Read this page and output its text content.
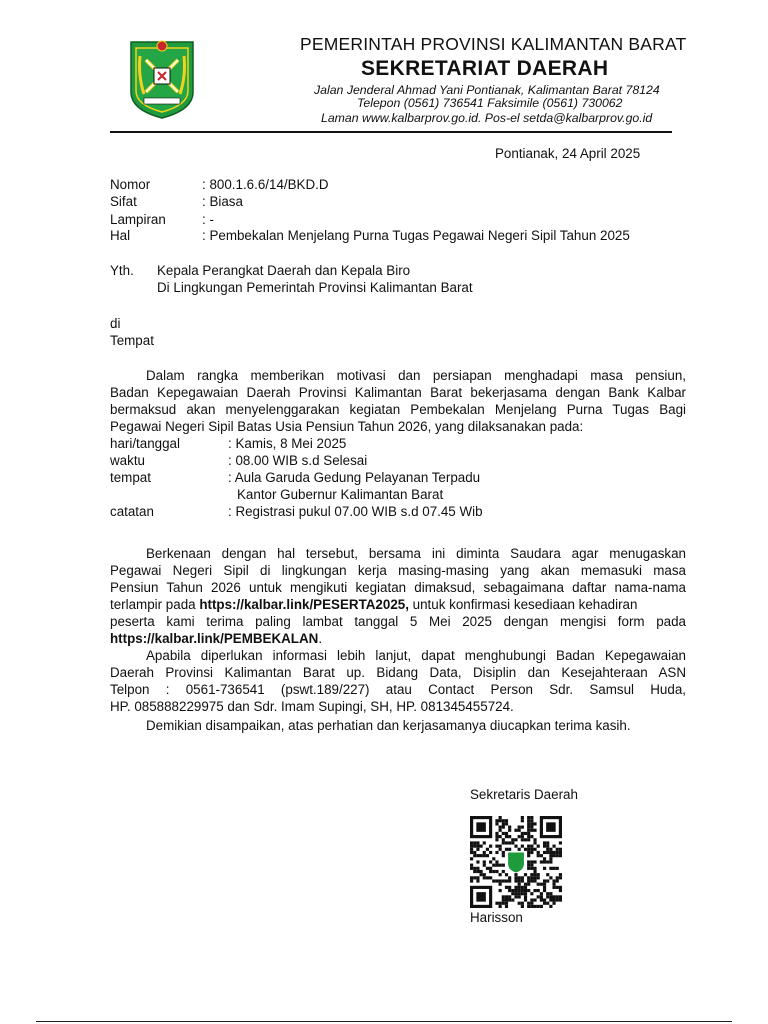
PEMERINTAH PROVINSI KALIMANTAN BARAT
SEKRETARIAT DAERAH
Jalan Jenderal Ahmad Yani Pontianak, Kalimantan Barat 78124
Telepon (0561) 736541 Faksimile (0561) 730062
Laman www.kalbarprov.go.id. Pos-el setda@kalbarprov.go.id
Pontianak, 24 April 2025
Nomor	: 800.1.6.6/14/BKD.D
Sifat	: Biasa
Lampiran	: -
Hal	: Pembekalan Menjelang Purna Tugas Pegawai Negeri Sipil Tahun 2025
Yth. Kepala Perangkat Daerah dan Kepala Biro
Di Lingkungan Pemerintah Provinsi Kalimantan Barat
di
Tempat
Dalam rangka memberikan motivasi dan persiapan menghadapi masa pensiun,
Badan Kepegawaian Daerah Provinsi Kalimantan Barat bekerjasama dengan Bank Kalbar
bermaksud akan menyelenggarakan kegiatan Pembekalan Menjelang Purna Tugas Bagi
Pegawai Negeri Sipil Batas Usia Pensiun Tahun 2026, yang dilaksanakan pada:
hari/tanggal	: Kamis, 8 Mei 2025
waktu	: 08.00 WIB s.d Selesai
tempat	: Aula Garuda Gedung Pelayanan Terpadu
Kantor Gubernur Kalimantan Barat
catatan	: Registrasi pukul 07.00 WIB s.d 07.45 Wib
Berkenaan dengan hal tersebut, bersama ini diminta Saudara agar menugaskan
Pegawai Negeri Sipil di lingkungan kerja masing-masing yang akan memasuki masa
Pensiun Tahun 2026 untuk mengikuti kegiatan dimaksud, sebagaimana daftar nama-nama
terlampir pada https://kalbar.link/PESERTA2025, untuk konfirmasi kesediaan kehadiran
peserta kami terima paling lambat tanggal 5 Mei 2025 dengan mengisi form pada
https://kalbar.link/PEMBEKALAN.
Apabila diperlukan informasi lebih lanjut, dapat menghubungi Badan Kepegawaian
Daerah Provinsi Kalimantan Barat up. Bidang Data, Disiplin dan Kesejahteraan ASN
Telpon : 0561-736541 (pswt.189/227) atau Contact Person Sdr. Samsul Huda,
HP. 085888229975 dan Sdr. Imam Supingi, SH, HP. 081345455724.
Demikian disampaikan, atas perhatian dan kerjasamanya diucapkan terima kasih.
Sekretaris Daerah
Harisson
